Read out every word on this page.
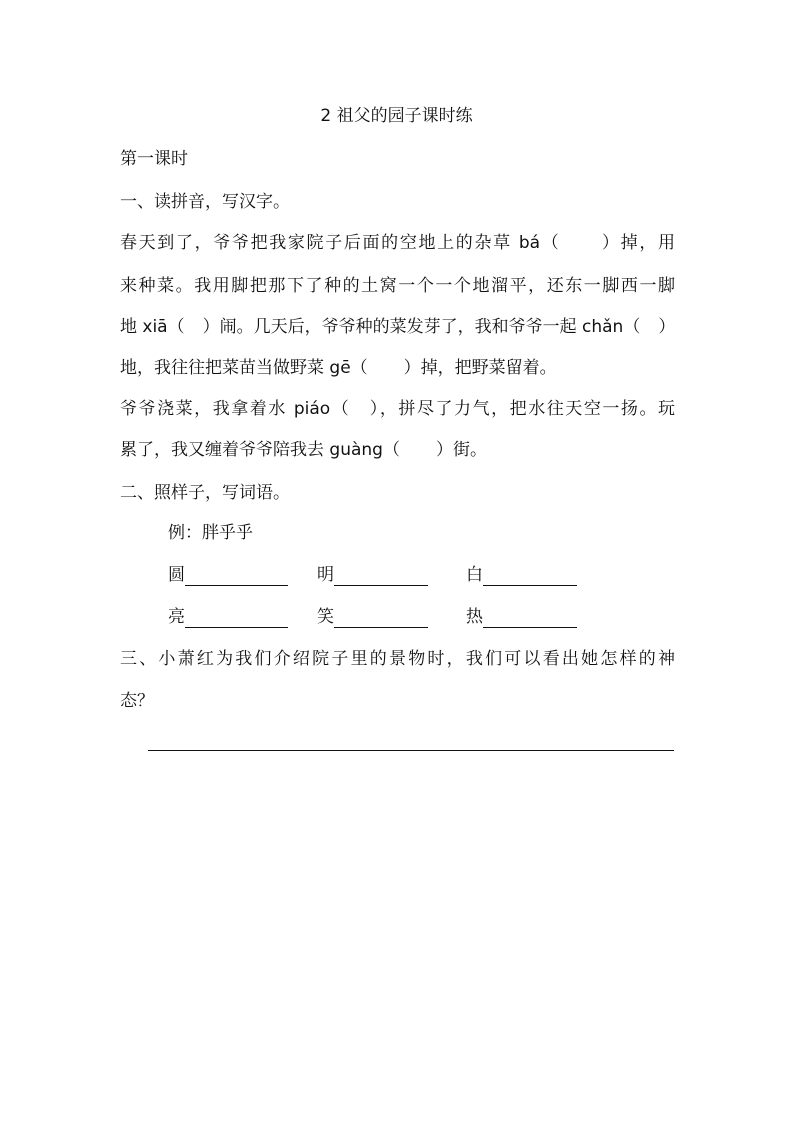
2 祖父的园子课时练
第一课时
一、读拼音，写汉字。
春天到了，爷爷把我家院子后面的空地上的杂草 bá（ ）掉，用
来种菜。我用脚把那下了种的土窝一个一个地溜平，还东一脚西一脚
地 xiā（ ）闹。几天后，爷爷种的菜发芽了，我和爷爷一起 chǎn（ ）
地，我往往把菜苗当做野菜 gē（ ）掉，把野菜留着。
爷爷浇菜，我拿着水 piáo（ ），拼尽了力气，把水往天空一扬。玩
累了，我又缠着爷爷陪我去 guàng（ ）街。
二、照样子，写词语。
例：胖乎乎
圆	明	白
亮	笑	热
三、小萧红为我们介绍院子里的景物时，我们可以看出她怎样的神
态？
